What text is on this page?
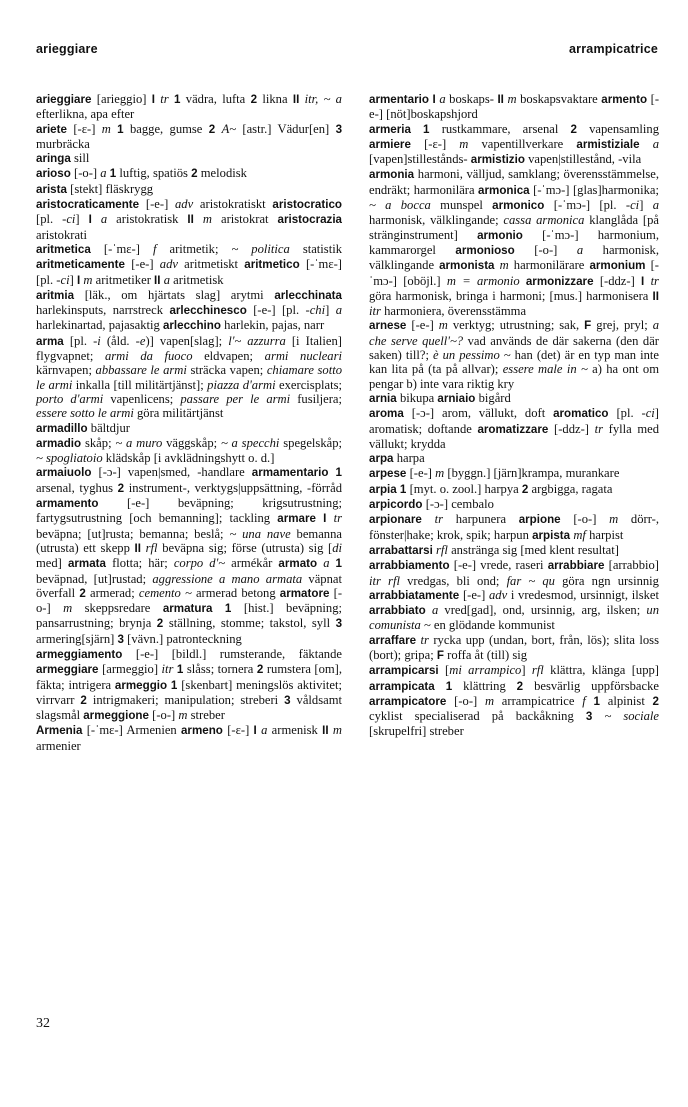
arieggiare	arrampicatrice

arieggiare [arieggio] I tr 1 vädra, lufta 2 likna II itr, ~ a efterlikna, apa efter

ariete [-ɛ-] m 1 bagge, gumse 2 A~ [astr.] Vädur[en] 3 murbräcka

aringa sill

arioso [-o-] a 1 luftig, spatiös 2 melodisk

arista [stekt] fläskrygg

aristocraticamente [-e-] adv aristokratiskt aristocratico [pl. -ci] I a aristokratisk II m aristokrat aristocrazia aristokrati

aritmetica [-ˈmɛ-] f aritmetik; ~ politica statistik aritmeticamente [-e-] adv aritmetiskt aritmetico [-ˈmɛ-] [pl. -ci] I m aritmetiker II a aritmetisk

aritmia [läk., om hjärtats slag] arytmi arlecchinata harlekinsputs, narrstreck arlecchinesco [-e-] [pl. -chi] a harlekinartad, pajasaktig arlecchino harlekin, pajas, narr

arma [pl. -i (åld. -e)] vapen[slag]; l'~ azzurra [i Italien] flygvapnet; armi da fuoco eldvapen; armi nucleari kärnvapen; abbassare le armi sträcka vapen; chiamare sotto le armi inkalla [till militärtjänst]; piazza d'armi exercisplats; porto d'armi vapenlicens; passare per le armi fusiljera; essere sotto le armi göra militärtjänst

armadillo bältdjur

armadio skåp; ~ a muro väggskåp; ~ a specchi spegelskåp; ~ spogliatoio klädskåp [i avklädningshytt o. d.]

armaiuolo [-ɔ-] vapen|smed, -handlare armamentario 1 arsenal, tyghus 2 instrument-, verktygs|uppsättning, -förråd armamento [-e-] beväpning; krigsutrustning; fartygsutrustning [och bemanning]; tackling armare I tr beväpna; [ut]rusta; bemanna; beslå; ~ una nave bemanna (utrusta) ett skepp II rfl beväpna sig; förse (utrusta) sig [di med] armata flotta; här; corpo d'~ armékår armato a 1 beväpnad, [ut]rustad; aggressione a mano armata väpnat överfall 2 armerad; cemento ~ armerad betong armatore [-o-] m skeppsredare armatura 1 [hist.] beväpning; pansarrustning; brynja 2 ställning, stomme; takstol, syll 3 armering[sjärn] 3 [vävn.] patronteckning

armeggiamento [-e-] [bildl.] rumsterande, fäktande armeggiare [armeggio] itr 1 slåss; tornera 2 rumstera [om], fäkta; intrigera armeggio 1 [skenbart] meningslös aktivitet; virrvarr 2 intrigmakeri; manipulation; streberi 3 våldsamt slagsmål armeggione [-o-] m streber

Armenia [-ˈmɛ-] Armenien armeno [-ɛ-] I a armenisk II m armenier

armentario I a boskaps- II m boskapsvaktare armento [-e-] [nöt]boskapshjord

armeria 1 rustkammare, arsenal 2 vapensamling armiere [-ɛ-] m vapentillverkare armistiziale a [vapen]stillestånds- armistizio vapen|stillestånd, -vila

armonia harmoni, välljud, samklang; överensstämmelse, endräkt; harmonilära armonica [-ˈmɔ-] [glas]harmonika; ~ a bocca munspel armonico [-ˈmɔ-] [pl. -ci] a harmonisk, välklingande; cassa armonica klanglåda [på stränginstrument] armonio [-ˈmɔ-] harmonium, kammarorgel armonioso [-o-] a harmonisk, välklingande armonista m harmonilärare armonium [-ˈmɔ-] [oböjl.] m = armonio armonizzare [-ddz-] I tr göra harmonisk, bringa i harmoni; [mus.] harmonisera II itr harmoniera, överensstämma

arnese [-e-] m verktyg; utrustning; sak, F grej, pryl; a che serve quell'~? vad används de där sakerna (den där saken) till?; è un pessimo ~ han (det) är en typ man inte kan lita på (ta på allvar); essere male in ~ a) ha ont om pengar b) inte vara riktig kry

arnia bikupa arniaio bigård

aroma [-ɔ-] arom, vällukt, doft aromatico [pl. -ci] aromatisk; doftande aromatizzare [-ddz-] tr fylla med vällukt; krydda

arpa harpa

arpese [-e-] m [byggn.] [järn]krampa, murankare

arpia 1 [myt. o. zool.] harpya 2 argbigga, ragata

arpicordo [-ɔ-] cembalo

arpionare tr harpunera arpione [-o-] m dörr-, fönster|hake; krok, spik; harpun arpista mf harpist

arrabattarsi rfl anstränga sig [med klent resultat]

arrabbiamento [-e-] vrede, raseri arrabbiare [arrabbio] itr rfl vredgas, bli ond; far ~ qu göra ngn ursinnig arrabbiatamente [-e-] adv i vredesmod, ursinnigt, ilsket arrabbiato a vred[gad], ond, ursinnig, arg, ilsken; un comunista ~ en glödande kommunist

arraffare tr rycka upp (undan, bort, från, lös); slita loss (bort); gripa; F roffa åt (till) sig

arrampicarsi [mi arrampico] rfl klättra, klänga [upp] arrampicata 1 klättring 2 besvärlig uppförsbacke arrampicatore [-o-] m arrampicatrice f 1 alpinist 2 cyklist specialiserad på backåkning 3 ~ sociale [skrupelfri] streber

32
